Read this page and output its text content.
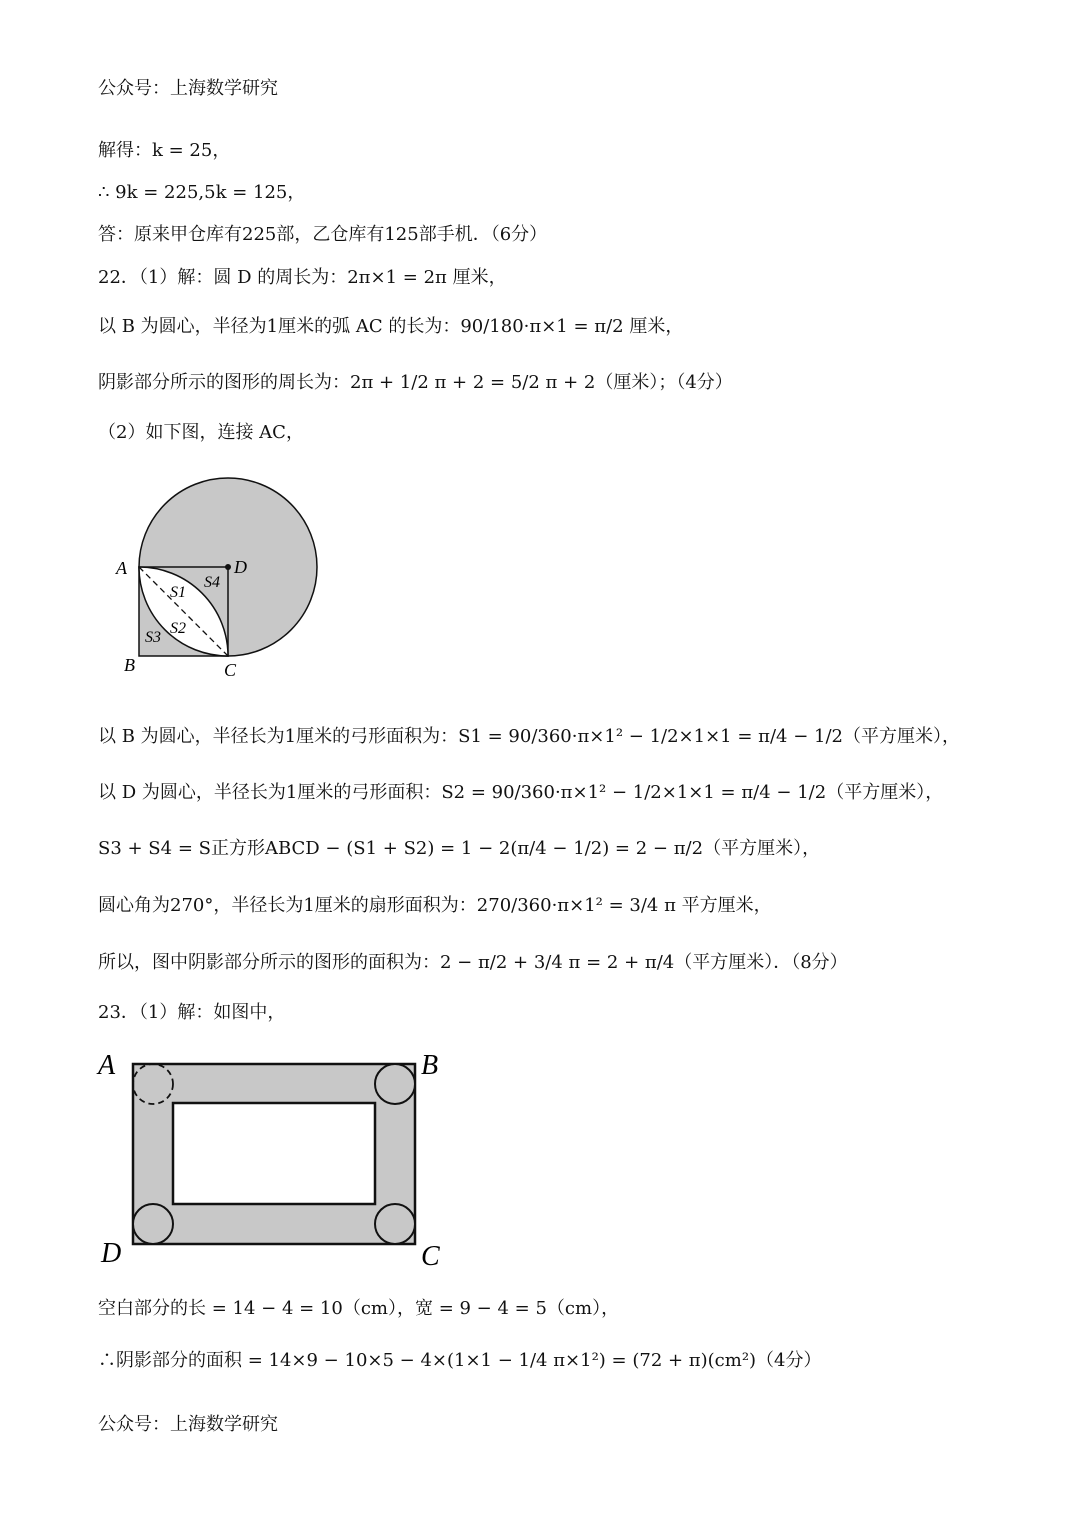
公众号：上海数学研究
解得：k = 25，
∴ 9k = 225,5k = 125，
答：原来甲仓库有225部，乙仓库有125部手机．（6分）
22．（1）解：圆 D 的周长为：2π×1 = 2π 厘米，
以 B 为圆心，半径为1厘米的弧 AC 的长为：90/180·π×1 = π/2 厘米，
阴影部分所示的图形的周长为：2π + 1/2 π + 2 = 5/2 π + 2（厘米）；（4分）
（2）如下图，连接 AC，
A	D
B	C
S1
S2
S3
S4
以 B 为圆心，半径长为1厘米的弓形面积为：S1 = 90/360·π×1² − 1/2×1×1 = π/4 − 1/2（平方厘米），
以 D 为圆心，半径长为1厘米的弓形面积：S2 = 90/360·π×1² − 1/2×1×1 = π/4 − 1/2（平方厘米），
S3 + S4 = S正方形ABCD − (S1 + S2) = 1 − 2(π/4 − 1/2) = 2 − π/2（平方厘米），
圆心角为270°，半径长为1厘米的扇形面积为：270/360·π×1² = 3/4 π 平方厘米，
所以，图中阴影部分所示的图形的面积为：2 − π/2 + 3/4 π = 2 + π/4（平方厘米）．（8分）
23．（1）解：如图中，
A	B
D	C
空白部分的长 = 14 − 4 = 10（cm），宽 = 9 − 4 = 5（cm），
∴阴影部分的面积 = 14×9 − 10×5 − 4×(1×1 − 1/4 π×1²) = (72 + π)(cm²)（4分）
公众号：上海数学研究
